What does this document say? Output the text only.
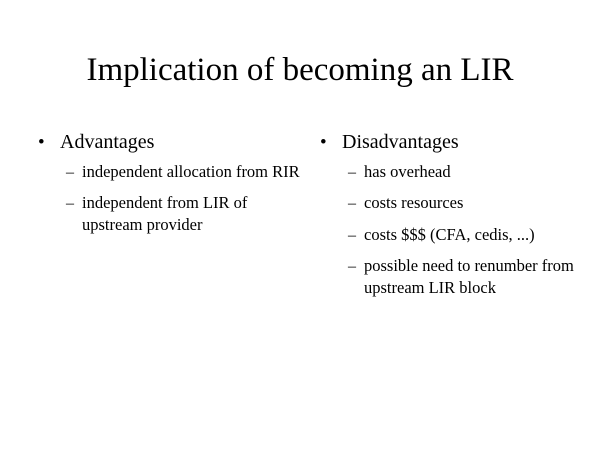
Implication of becoming an LIR
• Advantages
– independent allocation from RIR
– independent from LIR of upstream provider
• Disadvantages
– has overhead
– costs resources
– costs $$$ (CFA, cedis, ...)
– possible need to renumber from upstream LIR block
